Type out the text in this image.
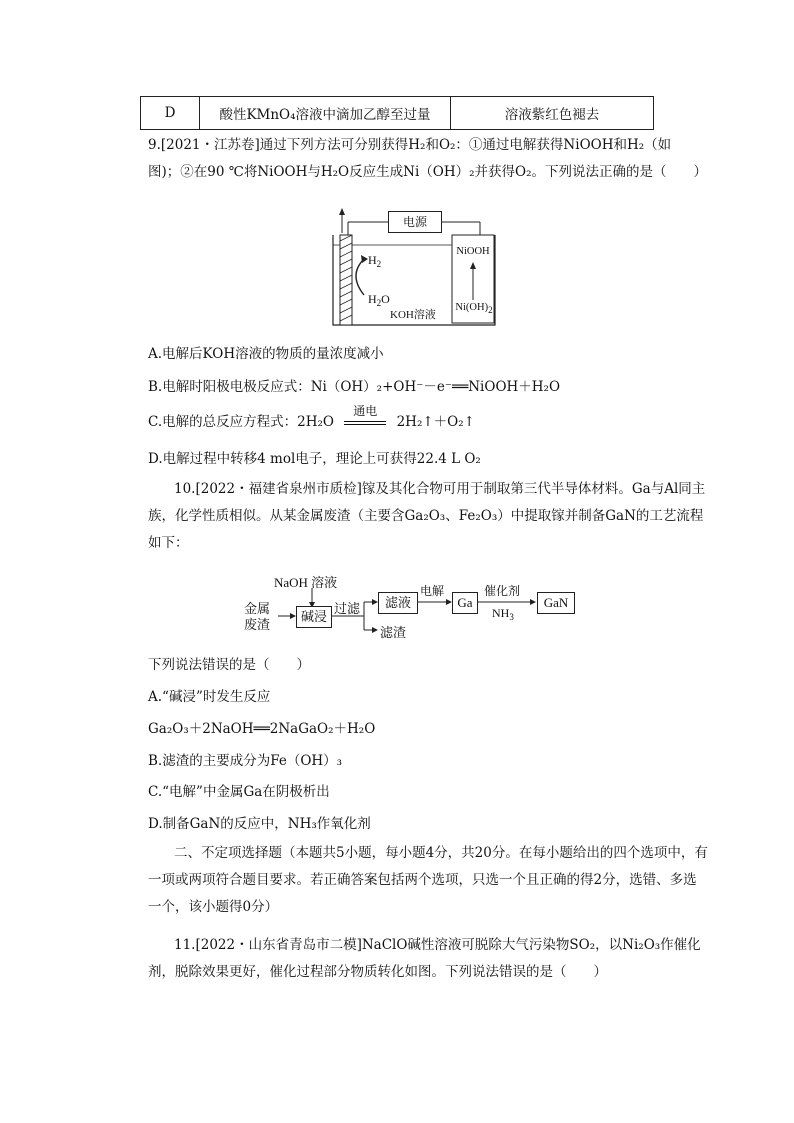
D	酸性KMnO₄溶液中滴加乙醇至过量	溶液紫红色褪去
9.[2021・江苏卷]通过下列方法可分别获得H₂和O₂：①通过电解获得NiOOH和H₂（如
图)；②在90 ℃将NiOOH与H₂O反应生成Ni（OH）₂并获得O₂。下列说法正确的是（　　）
电源
$H_2$
$H_2O$
KOH溶液
NiOOH
Ni(OH)2
A.电解后KOH溶液的物质的量浓度减小
B.电解时阳极电极反应式：Ni（OH）₂+OH⁻－e⁻══NiOOH＋H₂O
C.电解的总反应方程式：2H₂O
通电
2H₂↑＋O₂↑
D.电解过程中转移4 mol电子，理论上可获得22.4 L O₂
10.[2022・福建省泉州市质检]镓及其化合物可用于制取第三代半导体材料。Ga与Al同主族，化学性质相似。从某金属废渣（主要含Ga₂O₃、Fe₂O₃）中提取镓并制备GaN的工艺流程如下：
NaOH 溶液
金属
废渣
碱浸
过滤	滤液
电解
Ga
催化剂
$NH_3$
GaN
滤渣
下列说法错误的是（　　）
A.“碱浸”时发生反应
Ga₂O₃＋2NaOH══2NaGaO₂＋H₂O
B.滤渣的主要成分为Fe（OH）₃
C.“电解”中金属Ga在阴极析出
D.制备GaN的反应中，NH₃作氧化剂
二、不定项选择题（本题共5小题，每小题4分，共20分。在每小题给出的四个选项中，有一项或两项符合题目要求。若正确答案包括两个选项，只选一个且正确的得2分，选错、多选一个，该小题得0分）
11.[2022・山东省青岛市二模]NaClO碱性溶液可脱除大气污染物SO₂，以Ni₂O₃作催化剂，脱除效果更好，催化过程部分物质转化如图。下列说法错误的是（　　）
